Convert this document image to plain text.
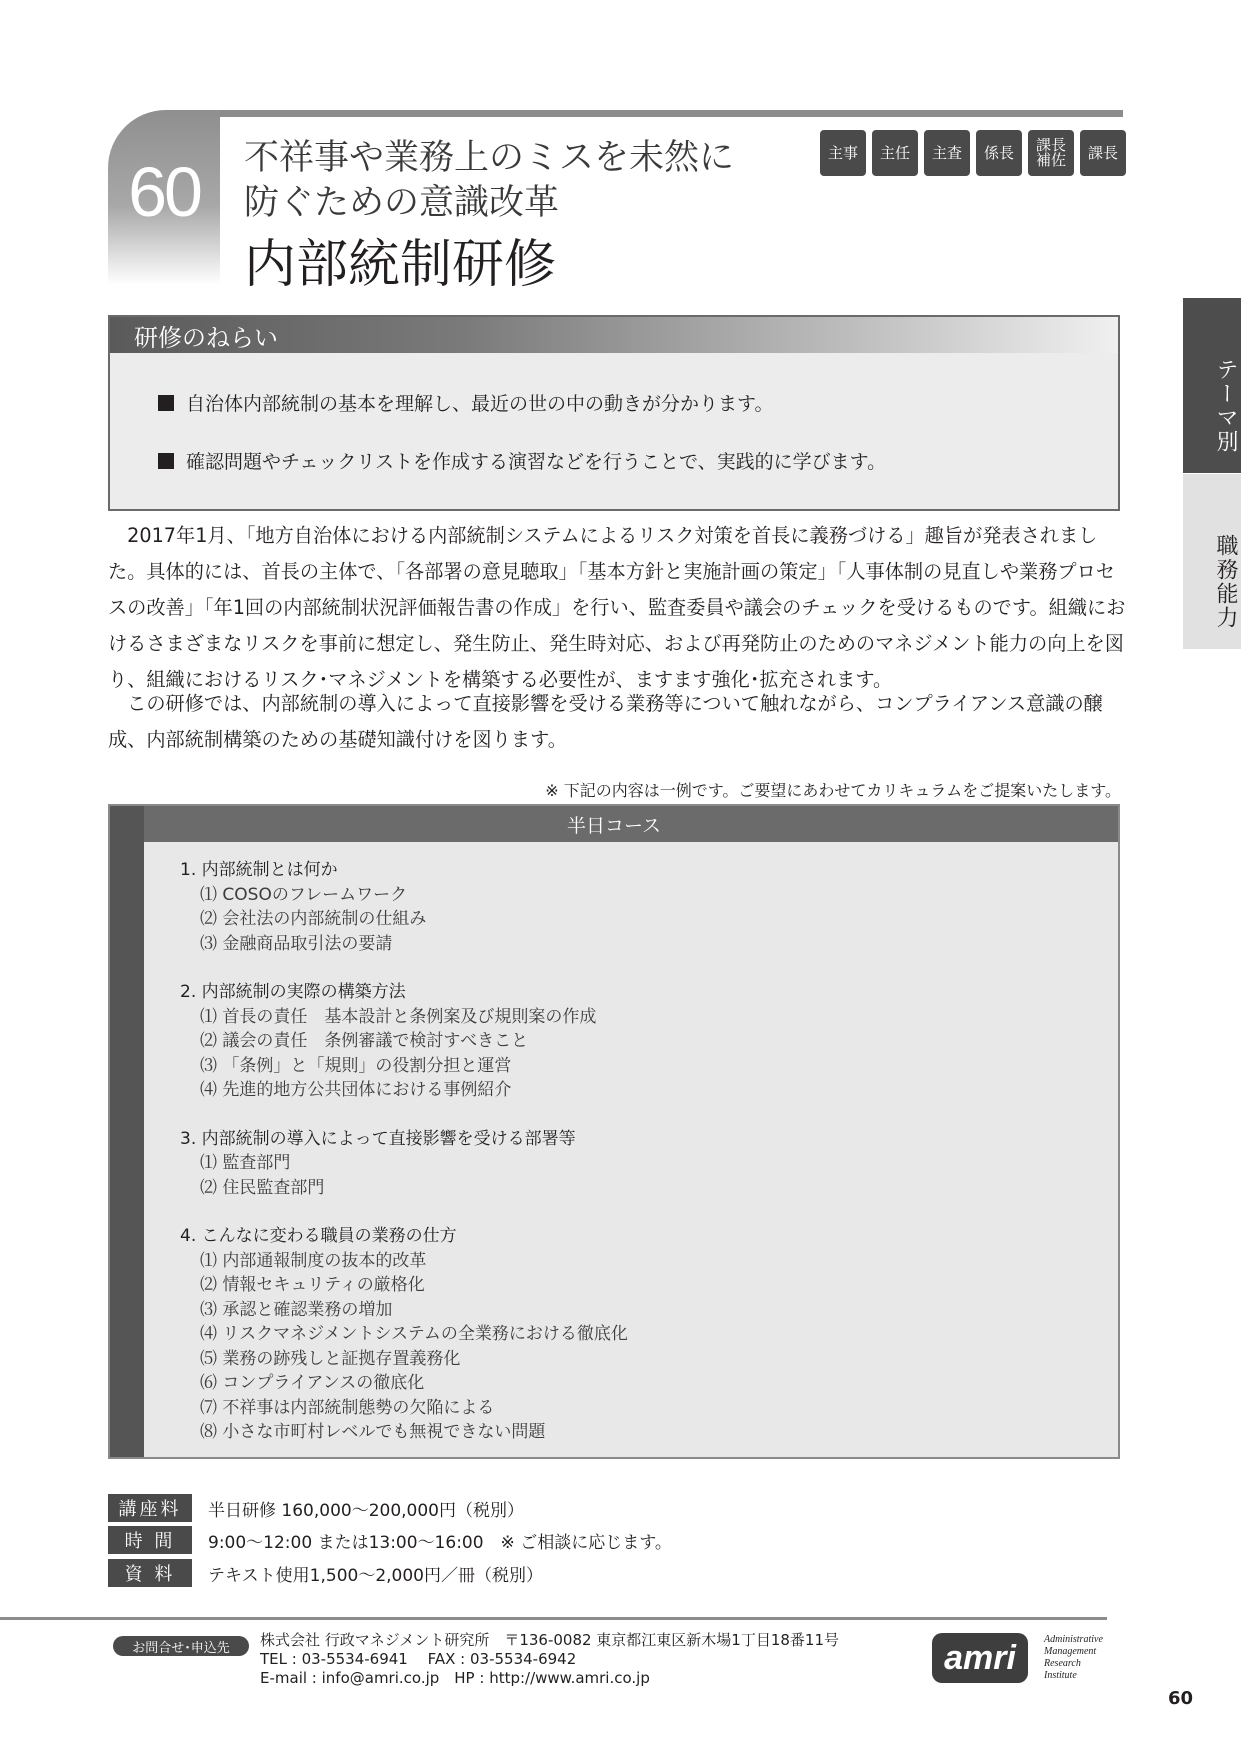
60	不祥事や業務上のミスを未然に
防ぐための意識改革
内部統制研修
主事	主任	主査	係長	課長
補佐	課長
テーマ別
職務能力
研修のねらい
自治体内部統制の基本を理解し、最近の世の中の動きが分かります。
確認問題やチェックリストを作成する演習などを行うことで、実践的に学びます。
　2017年1月、「地方自治体における内部統制システムによるリスク対策を首長に義務づける」趣旨が発表されまし
た。具体的には、首長の主体で、「各部署の意見聴取」「基本方針と実施計画の策定」「人事体制の見直しや業務プロセ
スの改善」「年1回の内部統制状況評価報告書の作成」を行い、監査委員や議会のチェックを受けるものです。組織にお
けるさまざまなリスクを事前に想定し、発生防止、発生時対応、および再発防止のためのマネジメント能力の向上を図
り、組織におけるリスク･マネジメントを構築する必要性が、ますます強化･拡充されます。
　この研修では、内部統制の導入によって直接影響を受ける業務等について触れながら、コンプライアンス意識の醸
成、内部統制構築のための基礎知識付けを図ります。
※ 下記の内容は一例です。ご要望にあわせてカリキュラムをご提案いたします。
半日コース
1. 内部統制とは何か
⑴ COSOのフレームワーク
⑵ 会社法の内部統制の仕組み
⑶ 金融商品取引法の要請
2. 内部統制の実際の構築方法
⑴ 首長の責任　基本設計と条例案及び規則案の作成
⑵ 議会の責任　条例審議で検討すべきこと
⑶ 「条例」と「規則」の役割分担と運営
⑷ 先進的地方公共団体における事例紹介
3. 内部統制の導入によって直接影響を受ける部署等
⑴ 監査部門
⑵ 住民監査部門
4. こんなに変わる職員の業務の仕方
⑴ 内部通報制度の抜本的改革
⑵ 情報セキュリティの厳格化
⑶ 承認と確認業務の増加
⑷ リスクマネジメントシステムの全業務における徹底化
⑸ 業務の跡残しと証拠存置義務化
⑹ コンプライアンスの徹底化
⑺ 不祥事は内部統制態勢の欠陥による
⑻ 小さな市町村レベルでも無視できない問題
講座料	半日研修 160,000～200,000円（税別）
時 間	9:00～12:00 または13:00～16:00　※ ご相談に応じます。
資 料	テキスト使用1,500～2,000円／冊（税別）
お問合せ･申込先	株式会社 行政マネジメント研究所　〒136-0082 東京都江東区新木場1丁目18番11号
TEL : 03-5534-6941　 FAX : 03-5534-6942
E-mail : info@amri.co.jp　HP : http://www.amri.co.jp
amri	Administrative
Management
Research
Institute
60
